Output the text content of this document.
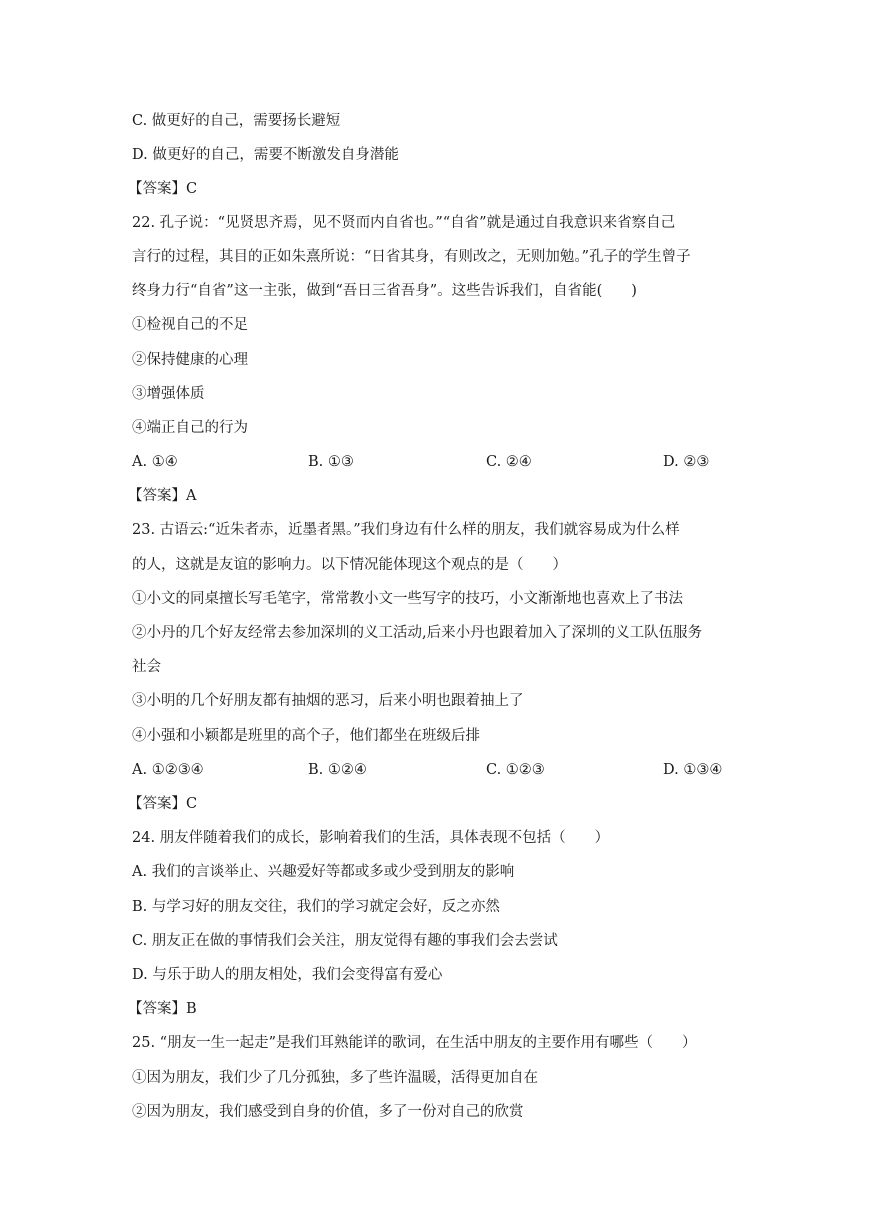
C. 做更好的自己，需要扬长避短
D. 做更好的自己，需要不断激发自身潜能
【答案】C
22. 孔子说：“见贤思齐焉，见不贤而内自省也。”“自省”就是通过自我意识来省察自己
言行的过程，其目的正如朱熹所说：“日省其身，有则改之，无则加勉。”孔子的学生曾子
终身力行“自省”这一主张，做到“吾日三省吾身”。这些告诉我们，自省能(　　)
①检视自己的不足
②保持健康的心理
③增强体质
④端正自己的行为
A. ①④	B. ①③	C. ②④	D. ②③
【答案】A
23. 古语云:“近朱者赤，近墨者黑。”我们身边有什么样的朋友，我们就容易成为什么样
的人，这就是友谊的影响力。以下情况能体现这个观点的是（　　）
①小文的同桌擅长写毛笔字，常常教小文一些写字的技巧，小文渐渐地也喜欢上了书法
②小丹的几个好友经常去参加深圳的义工活动,后来小丹也跟着加入了深圳的义工队伍服务
社会
③小明的几个好朋友都有抽烟的恶习，后来小明也跟着抽上了
④小强和小颖都是班里的高个子，他们都坐在班级后排
A. ①②③④	B. ①②④	C. ①②③	D. ①③④
【答案】C
24. 朋友伴随着我们的成长，影响着我们的生活，具体表现不包括（　　）
A. 我们的言谈举止、兴趣爱好等都或多或少受到朋友的影响
B. 与学习好的朋友交往，我们的学习就定会好，反之亦然
C. 朋友正在做的事情我们会关注，朋友觉得有趣的事我们会去尝试
D. 与乐于助人的朋友相处，我们会变得富有爱心
【答案】B
25. “朋友一生一起走”是我们耳熟能详的歌词，在生活中朋友的主要作用有哪些（　　）
①因为朋友，我们少了几分孤独，多了些许温暖，活得更加自在
②因为朋友，我们感受到自身的价值，多了一份对自己的欣赏
